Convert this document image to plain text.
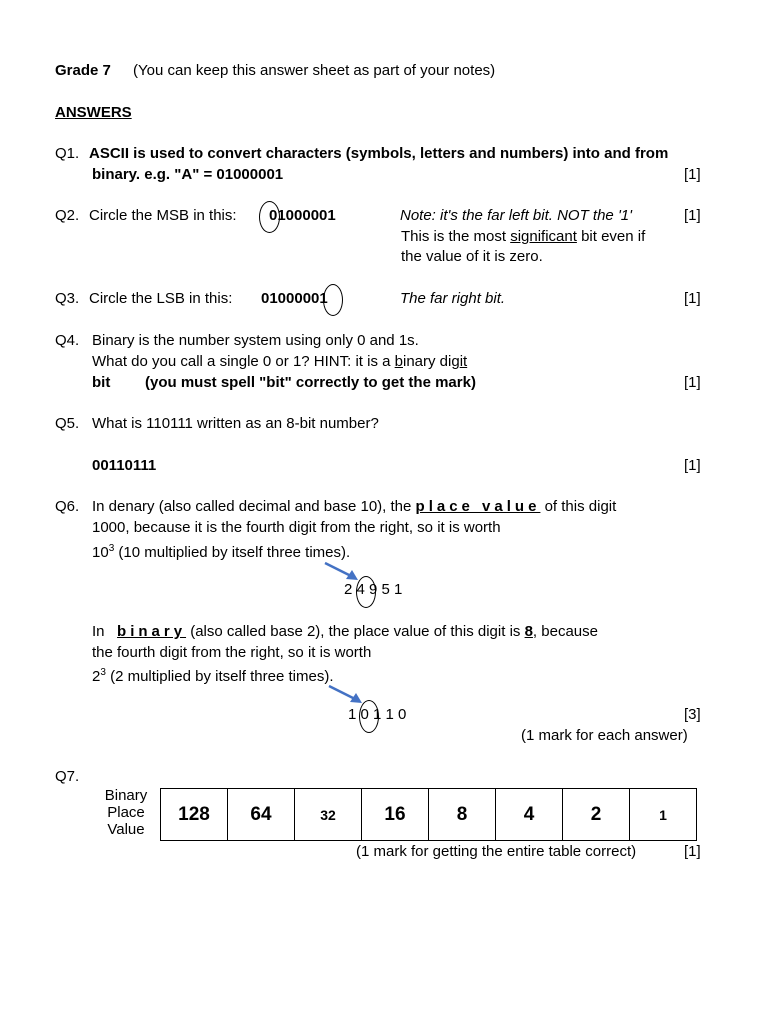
Grade 7 (You can keep this answer sheet as part of your notes)
ANSWERS
Q1. ASCII is used to convert characters (symbols, letters and numbers) into and from
binary. e.g. "A" = 01000001	[1]
Q2. Circle the MSB in this: 01000001	Note: it's the far left bit. NOT the '1'
This is the most significant bit even if
the value of it is zero.
[1]
Q3. Circle the LSB in this: 01000001	The far right bit.	[1]
Q4. Binary is the number system using only 0 and 1s.
What do you call a single 0 or 1? HINT: it is a binary digit
bit (you must spell "bit" correctly to get the mark)	[1]
Q5. What is 110111 written as an 8-bit number?
00110111	[1]
Q6. In denary (also called decimal and base 10), the place value of this digit
1000, because it is the fourth digit from the right, so it is worth
$10^3$ (10 multiplied by itself three times).
2 4 9 5 1
In binary (also called base 2), the place value of this digit is 8, because
the fourth digit from the right, so it is worth
$2^3$ (2 multiplied by itself three times).
1 0 1 1 0	[3]
(1 mark for each answer)
Q7.
Binary
Place
Value
128	64	32	16	8	4	2	1
(1 mark for getting the entire table correct)	[1]
